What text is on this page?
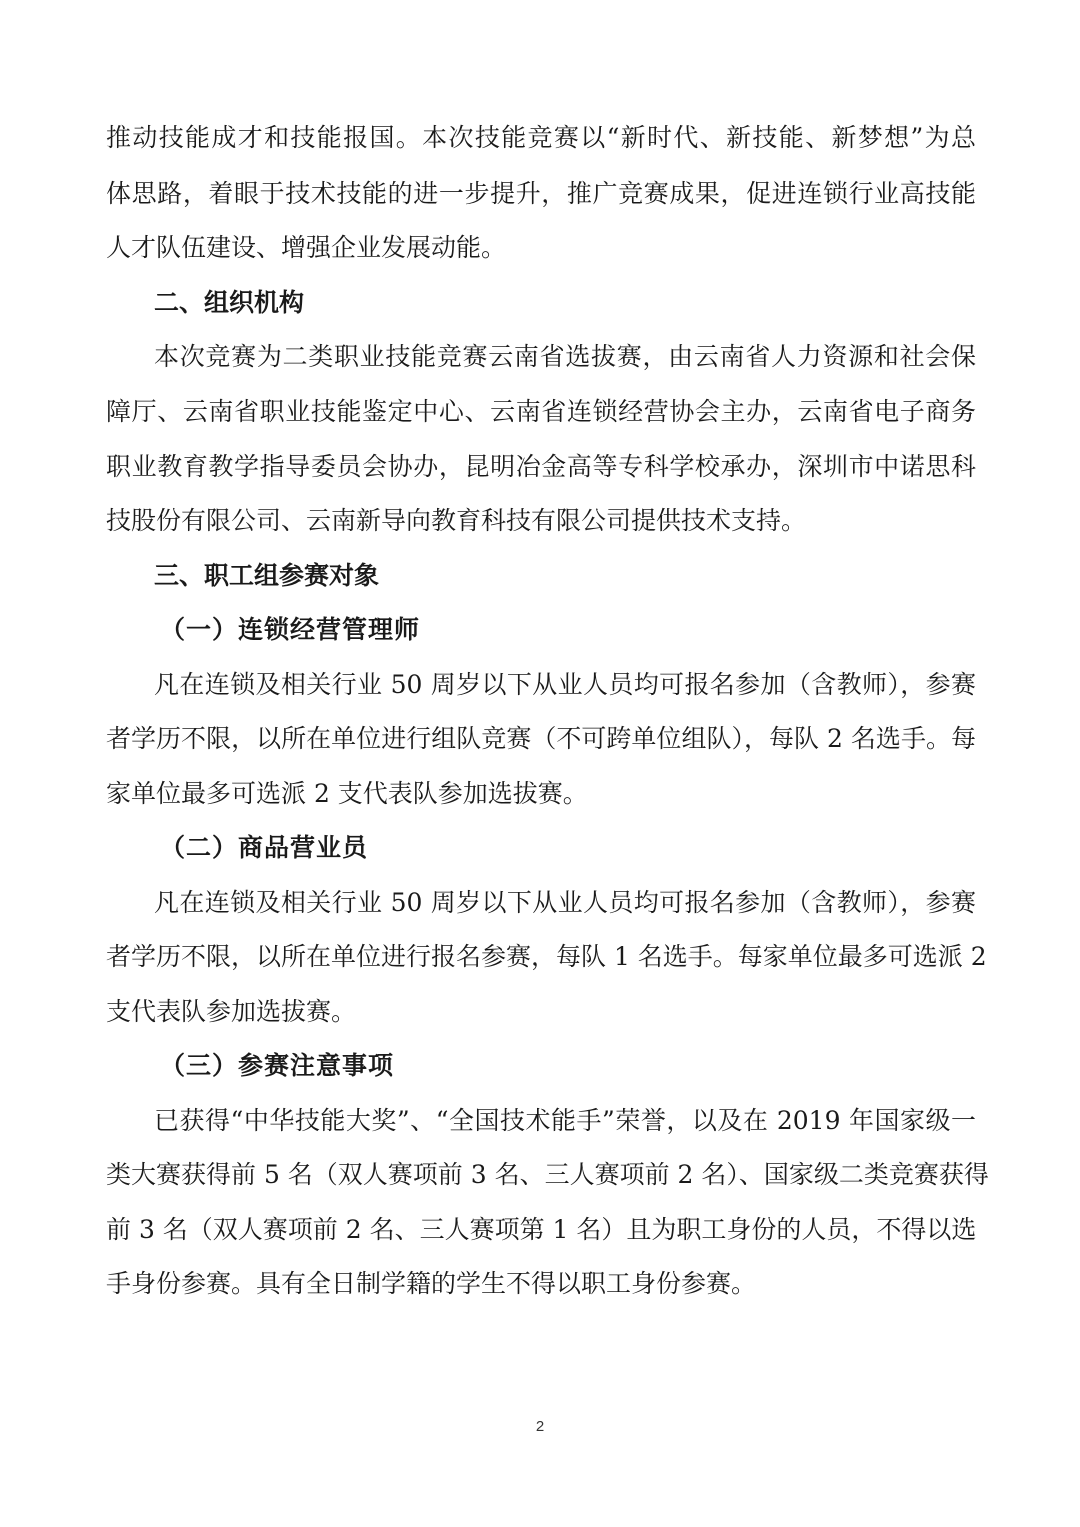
推动技能成才和技能报国。本次技能竞赛以“新时代、新技能、新梦想”为总
体思路，着眼于技术技能的进一步提升，推广竞赛成果，促进连锁行业高技能
人才队伍建设、增强企业发展动能。
二、组织机构
本次竞赛为二类职业技能竞赛云南省选拔赛，由云南省人力资源和社会保
障厅、云南省职业技能鉴定中心、云南省连锁经营协会主办，云南省电子商务
职业教育教学指导委员会协办，昆明冶金高等专科学校承办，深圳市中诺思科
技股份有限公司、云南新导向教育科技有限公司提供技术支持。
三、职工组参赛对象
（一）连锁经营管理师
凡在连锁及相关行业 50 周岁以下从业人员均可报名参加（含教师），参赛
者学历不限，以所在单位进行组队竞赛（不可跨单位组队），每队 2 名选手。每
家单位最多可选派 2 支代表队参加选拔赛。
（二）商品营业员
凡在连锁及相关行业 50 周岁以下从业人员均可报名参加（含教师），参赛
者学历不限，以所在单位进行报名参赛，每队 1 名选手。每家单位最多可选派 2
支代表队参加选拔赛。
（三）参赛注意事项
已获得“中华技能大奖”、“全国技术能手”荣誉，以及在 2019 年国家级一
类大赛获得前 5 名（双人赛项前 3 名、三人赛项前 2 名）、国家级二类竞赛获得
前 3 名（双人赛项前 2 名、三人赛项第 1 名）且为职工身份的人员，不得以选
手身份参赛。具有全日制学籍的学生不得以职工身份参赛。
2
